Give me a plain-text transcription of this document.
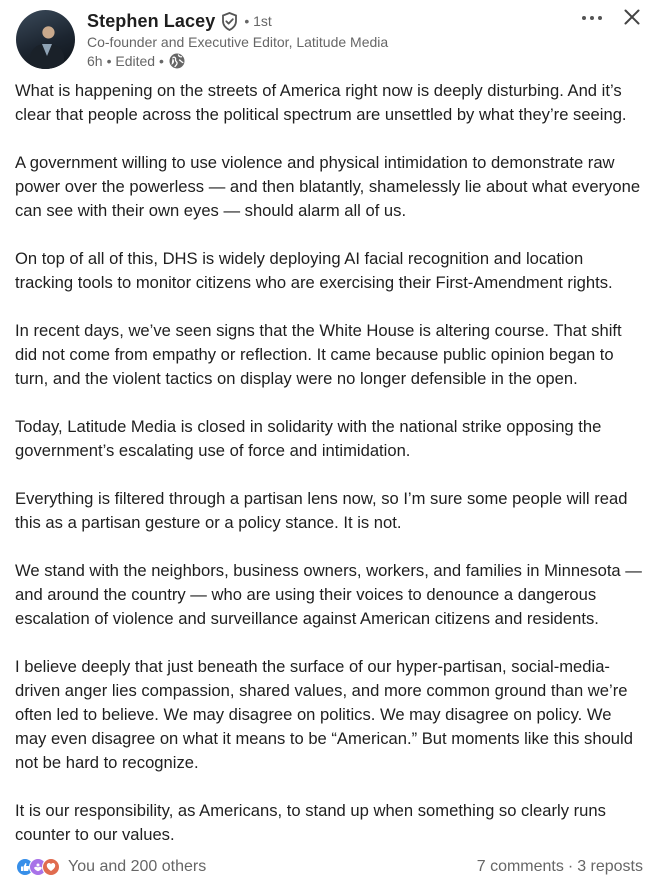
Stephen Lacey • 1st
Co-founder and Executive Editor, Latitude Media
6h • Edited •

What is happening on the streets of America right now is deeply disturbing. And it’s clear that people across the political spectrum are unsettled by what they’re seeing.

A government willing to use violence and physical intimidation to demonstrate raw power over the powerless — and then blatantly, shamelessly lie about what everyone can see with their own eyes — should alarm all of us.

On top of all of this, DHS is widely deploying AI facial recognition and location tracking tools to monitor citizens who are exercising their First-Amendment rights.

In recent days, we’ve seen signs that the White House is altering course. That shift did not come from empathy or reflection. It came because public opinion began to turn, and the violent tactics on display were no longer defensible in the open.

Today, Latitude Media is closed in solidarity with the national strike opposing the government’s escalating use of force and intimidation.

Everything is filtered through a partisan lens now, so I’m sure some people will read this as a partisan gesture or a policy stance. It is not.

We stand with the neighbors, business owners, workers, and families in Minnesota — and around the country — who are using their voices to denounce a dangerous escalation of violence and surveillance against American citizens and residents.

I believe deeply that just beneath the surface of our hyper-partisan, social-media-driven anger lies compassion, shared values, and more common ground than we’re often led to believe. We may disagree on politics. We may disagree on policy. We may even disagree on what it means to be “American.” But moments like this should not be hard to recognize.

It is our responsibility, as Americans, to stand up when something so clearly runs counter to our values.

You and 200 others	7 comments · 3 reposts
